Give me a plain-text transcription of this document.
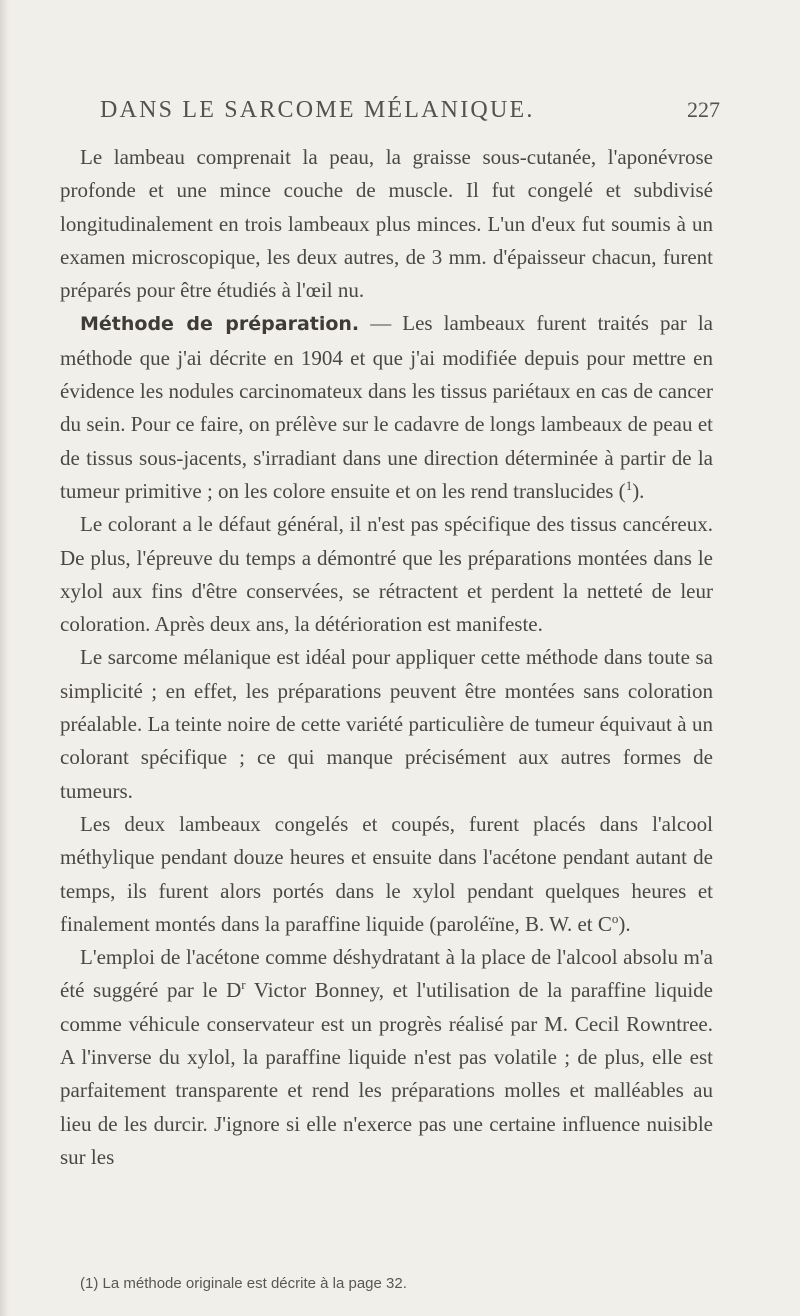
DANS LE SARCOME MÉLANIQUE.	227

Le lambeau comprenait la peau, la graisse sous-cutanée, l'aponévrose profonde et une mince couche de muscle. Il fut congelé et subdivisé longitudinalement en trois lambeaux plus minces. L'un d'eux fut soumis à un examen microscopique, les deux autres, de 3 mm. d'épaisseur chacun, furent préparés pour être étudiés à l'œil nu.

Méthode de préparation. — Les lambeaux furent traités par la méthode que j'ai décrite en 1904 et que j'ai modifiée depuis pour mettre en évidence les nodules carcinomateux dans les tissus pariétaux en cas de cancer du sein. Pour ce faire, on prélève sur le cadavre de longs lambeaux de peau et de tissus sous-jacents, s'irradiant dans une direction déterminée à partir de la tumeur primitive ; on les colore ensuite et on les rend translucides ($^1$).

Le colorant a le défaut général, il n'est pas spécifique des tissus cancéreux. De plus, l'épreuve du temps a démontré que les préparations montées dans le xylol aux fins d'être conservées, se rétractent et perdent la netteté de leur coloration. Après deux ans, la détérioration est manifeste.

Le sarcome mélanique est idéal pour appliquer cette méthode dans toute sa simplicité ; en effet, les préparations peuvent être montées sans coloration préalable. La teinte noire de cette variété particulière de tumeur équivaut à un colorant spécifique ; ce qui manque précisément aux autres formes de tumeurs.

Les deux lambeaux congelés et coupés, furent placés dans l'alcool méthylique pendant douze heures et ensuite dans l'acétone pendant autant de temps, ils furent alors portés dans le xylol pendant quelques heures et finalement montés dans la paraffine liquide (paroléïne, B. W. et $C^o$).

L'emploi de l'acétone comme déshydratant à la place de l'alcool absolu m'a été suggéré par le $D^r$ Victor Bonney, et l'utilisation de la paraffine liquide comme véhicule conservateur est un progrès réalisé par M. Cecil Rowntree. A l'inverse du xylol, la paraffine liquide n'est pas volatile ; de plus, elle est parfaitement transparente et rend les préparations molles et malléables au lieu de les durcir. J'ignore si elle n'exerce pas une certaine influence nuisible sur les

(1) La méthode originale est décrite à la page 32.
